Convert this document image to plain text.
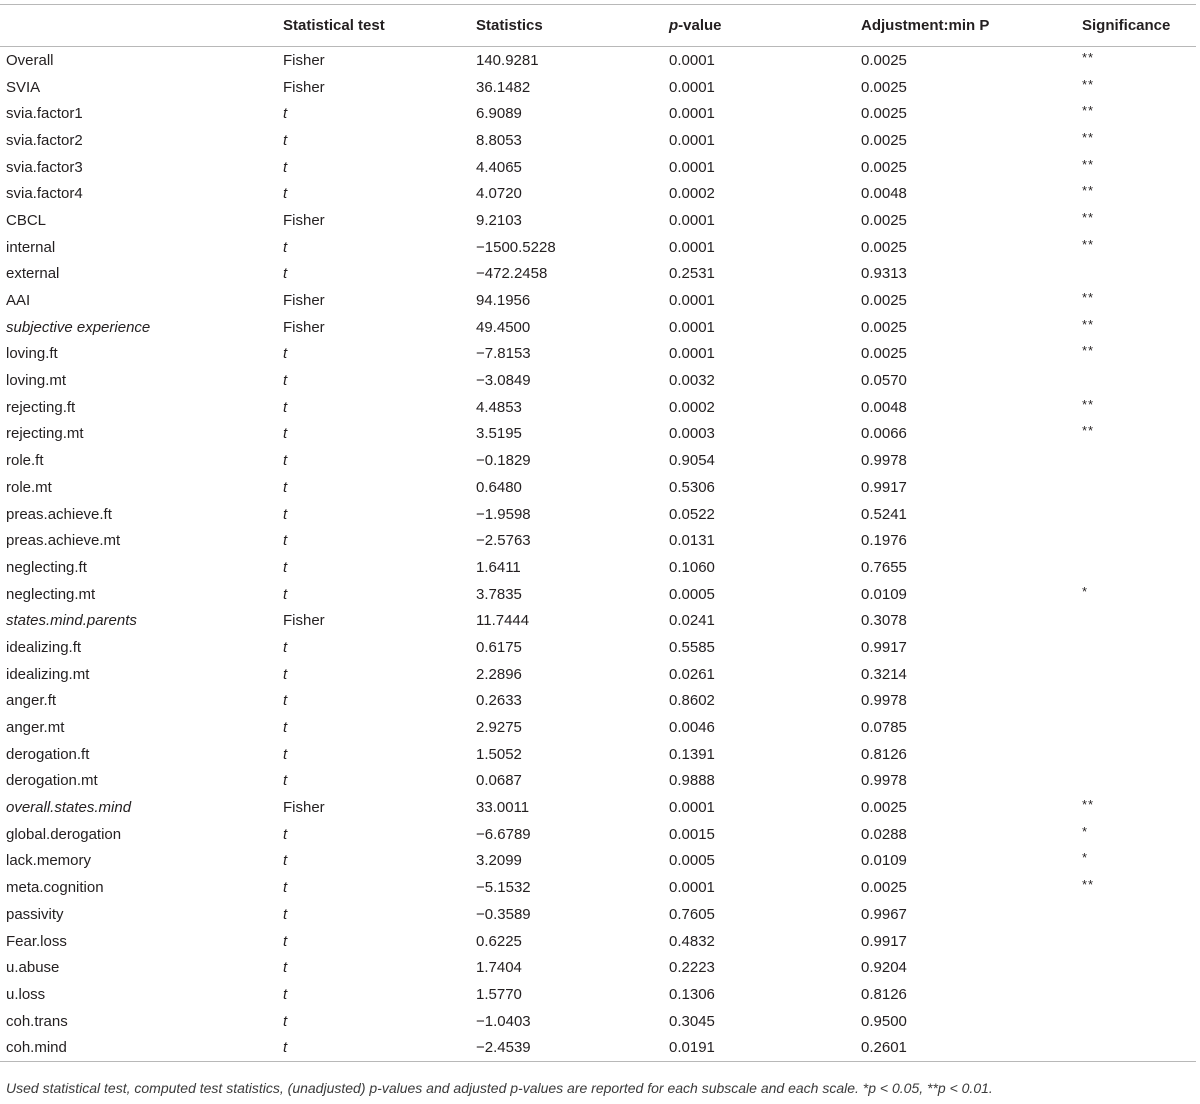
	Statistical test	Statistics	p-value	Adjustment:min P	Significance
Overall	Fisher	140.9281	0.0001	0.0025	**
SVIA	Fisher	36.1482	0.0001	0.0025	**
svia.factor1	t	6.9089	0.0001	0.0025	**
svia.factor2	t	8.8053	0.0001	0.0025	**
svia.factor3	t	4.4065	0.0001	0.0025	**
svia.factor4	t	4.0720	0.0002	0.0048	**
CBCL	Fisher	9.2103	0.0001	0.0025	**
internal	t	−1500.5228	0.0001	0.0025	**
external	t	−472.2458	0.2531	0.9313	
AAI	Fisher	94.1956	0.0001	0.0025	**
subjective experience	Fisher	49.4500	0.0001	0.0025	**
loving.ft	t	−7.8153	0.0001	0.0025	**
loving.mt	t	−3.0849	0.0032	0.0570	
rejecting.ft	t	4.4853	0.0002	0.0048	**
rejecting.mt	t	3.5195	0.0003	0.0066	**
role.ft	t	−0.1829	0.9054	0.9978	
role.mt	t	0.6480	0.5306	0.9917	
preas.achieve.ft	t	−1.9598	0.0522	0.5241	
preas.achieve.mt	t	−2.5763	0.0131	0.1976	
neglecting.ft	t	1.6411	0.1060	0.7655	
neglecting.mt	t	3.7835	0.0005	0.0109	*
states.mind.parents	Fisher	11.7444	0.0241	0.3078	
idealizing.ft	t	0.6175	0.5585	0.9917	
idealizing.mt	t	2.2896	0.0261	0.3214	
anger.ft	t	0.2633	0.8602	0.9978	
anger.mt	t	2.9275	0.0046	0.0785	
derogation.ft	t	1.5052	0.1391	0.8126	
derogation.mt	t	0.0687	0.9888	0.9978	
overall.states.mind	Fisher	33.0011	0.0001	0.0025	**
global.derogation	t	−6.6789	0.0015	0.0288	*
lack.memory	t	3.2099	0.0005	0.0109	*
meta.cognition	t	−5.1532	0.0001	0.0025	**
passivity	t	−0.3589	0.7605	0.9967	
Fear.loss	t	0.6225	0.4832	0.9917	
u.abuse	t	1.7404	0.2223	0.9204	
u.loss	t	1.5770	0.1306	0.8126	
coh.trans	t	−1.0403	0.3045	0.9500	
coh.mind	t	−2.4539	0.0191	0.2601	
Used statistical test, computed test statistics, (unadjusted) p-values and adjusted p-values are reported for each subscale and each scale. *p < 0.05, **p < 0.01.
